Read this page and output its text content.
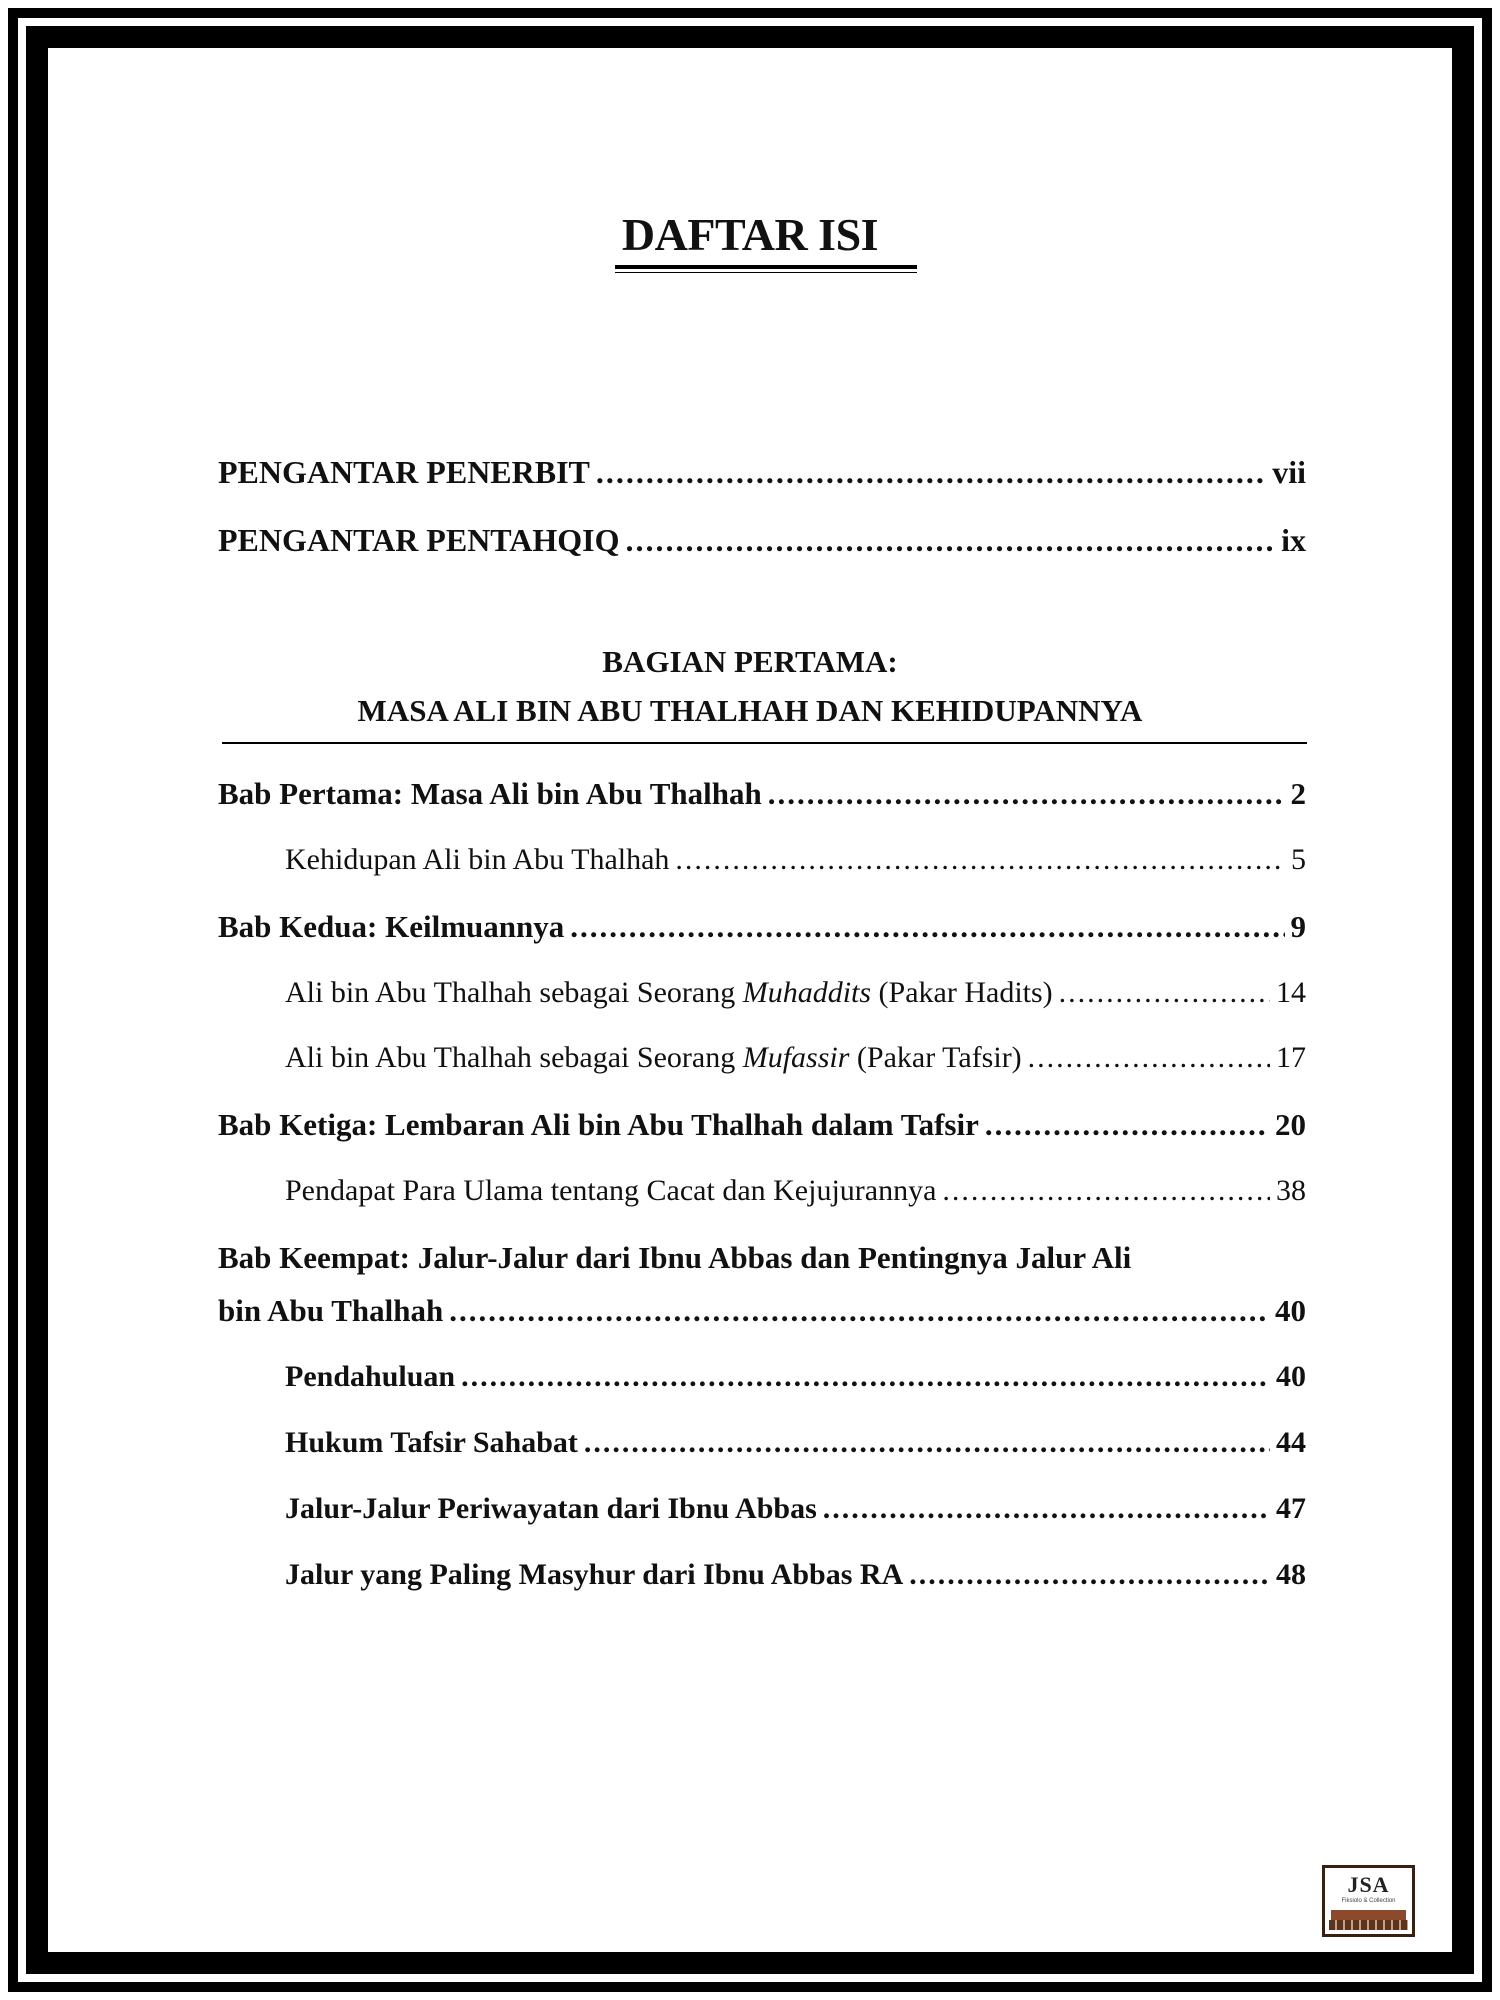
DAFTAR ISI
PENGANTAR PENERBIT .....	vii
PENGANTAR PENTAHQIQ .....	ix
BAGIAN PERTAMA:
MASA ALI BIN ABU THALHAH DAN KEHIDUPANNYA
Bab Pertama: Masa Ali bin Abu Thalhah .....	2
Kehidupan Ali bin Abu Thalhah .....	5
Bab Kedua: Keilmuannya .....	9
Ali bin Abu Thalhah sebagai Seorang Muhaddits (Pakar Hadits) .....	14
Ali bin Abu Thalhah sebagai Seorang Mufassir (Pakar Tafsir) .....	17
Bab Ketiga: Lembaran Ali bin Abu Thalhah dalam Tafsir .....	20
Pendapat Para Ulama tentang Cacat dan Kejujurannya .....	38
Bab Keempat: Jalur-Jalur dari Ibnu Abbas dan Pentingnya Jalur Ali
bin Abu Thalhah .....	40
Pendahuluan .....	40
Hukum Tafsir Sahabat .....	44
Jalur-Jalur Periwayatan dari Ibnu Abbas .....	47
Jalur yang Paling Masyhur dari Ibnu Abbas RA .....	48
JSA
Fiksiolo & Collection
